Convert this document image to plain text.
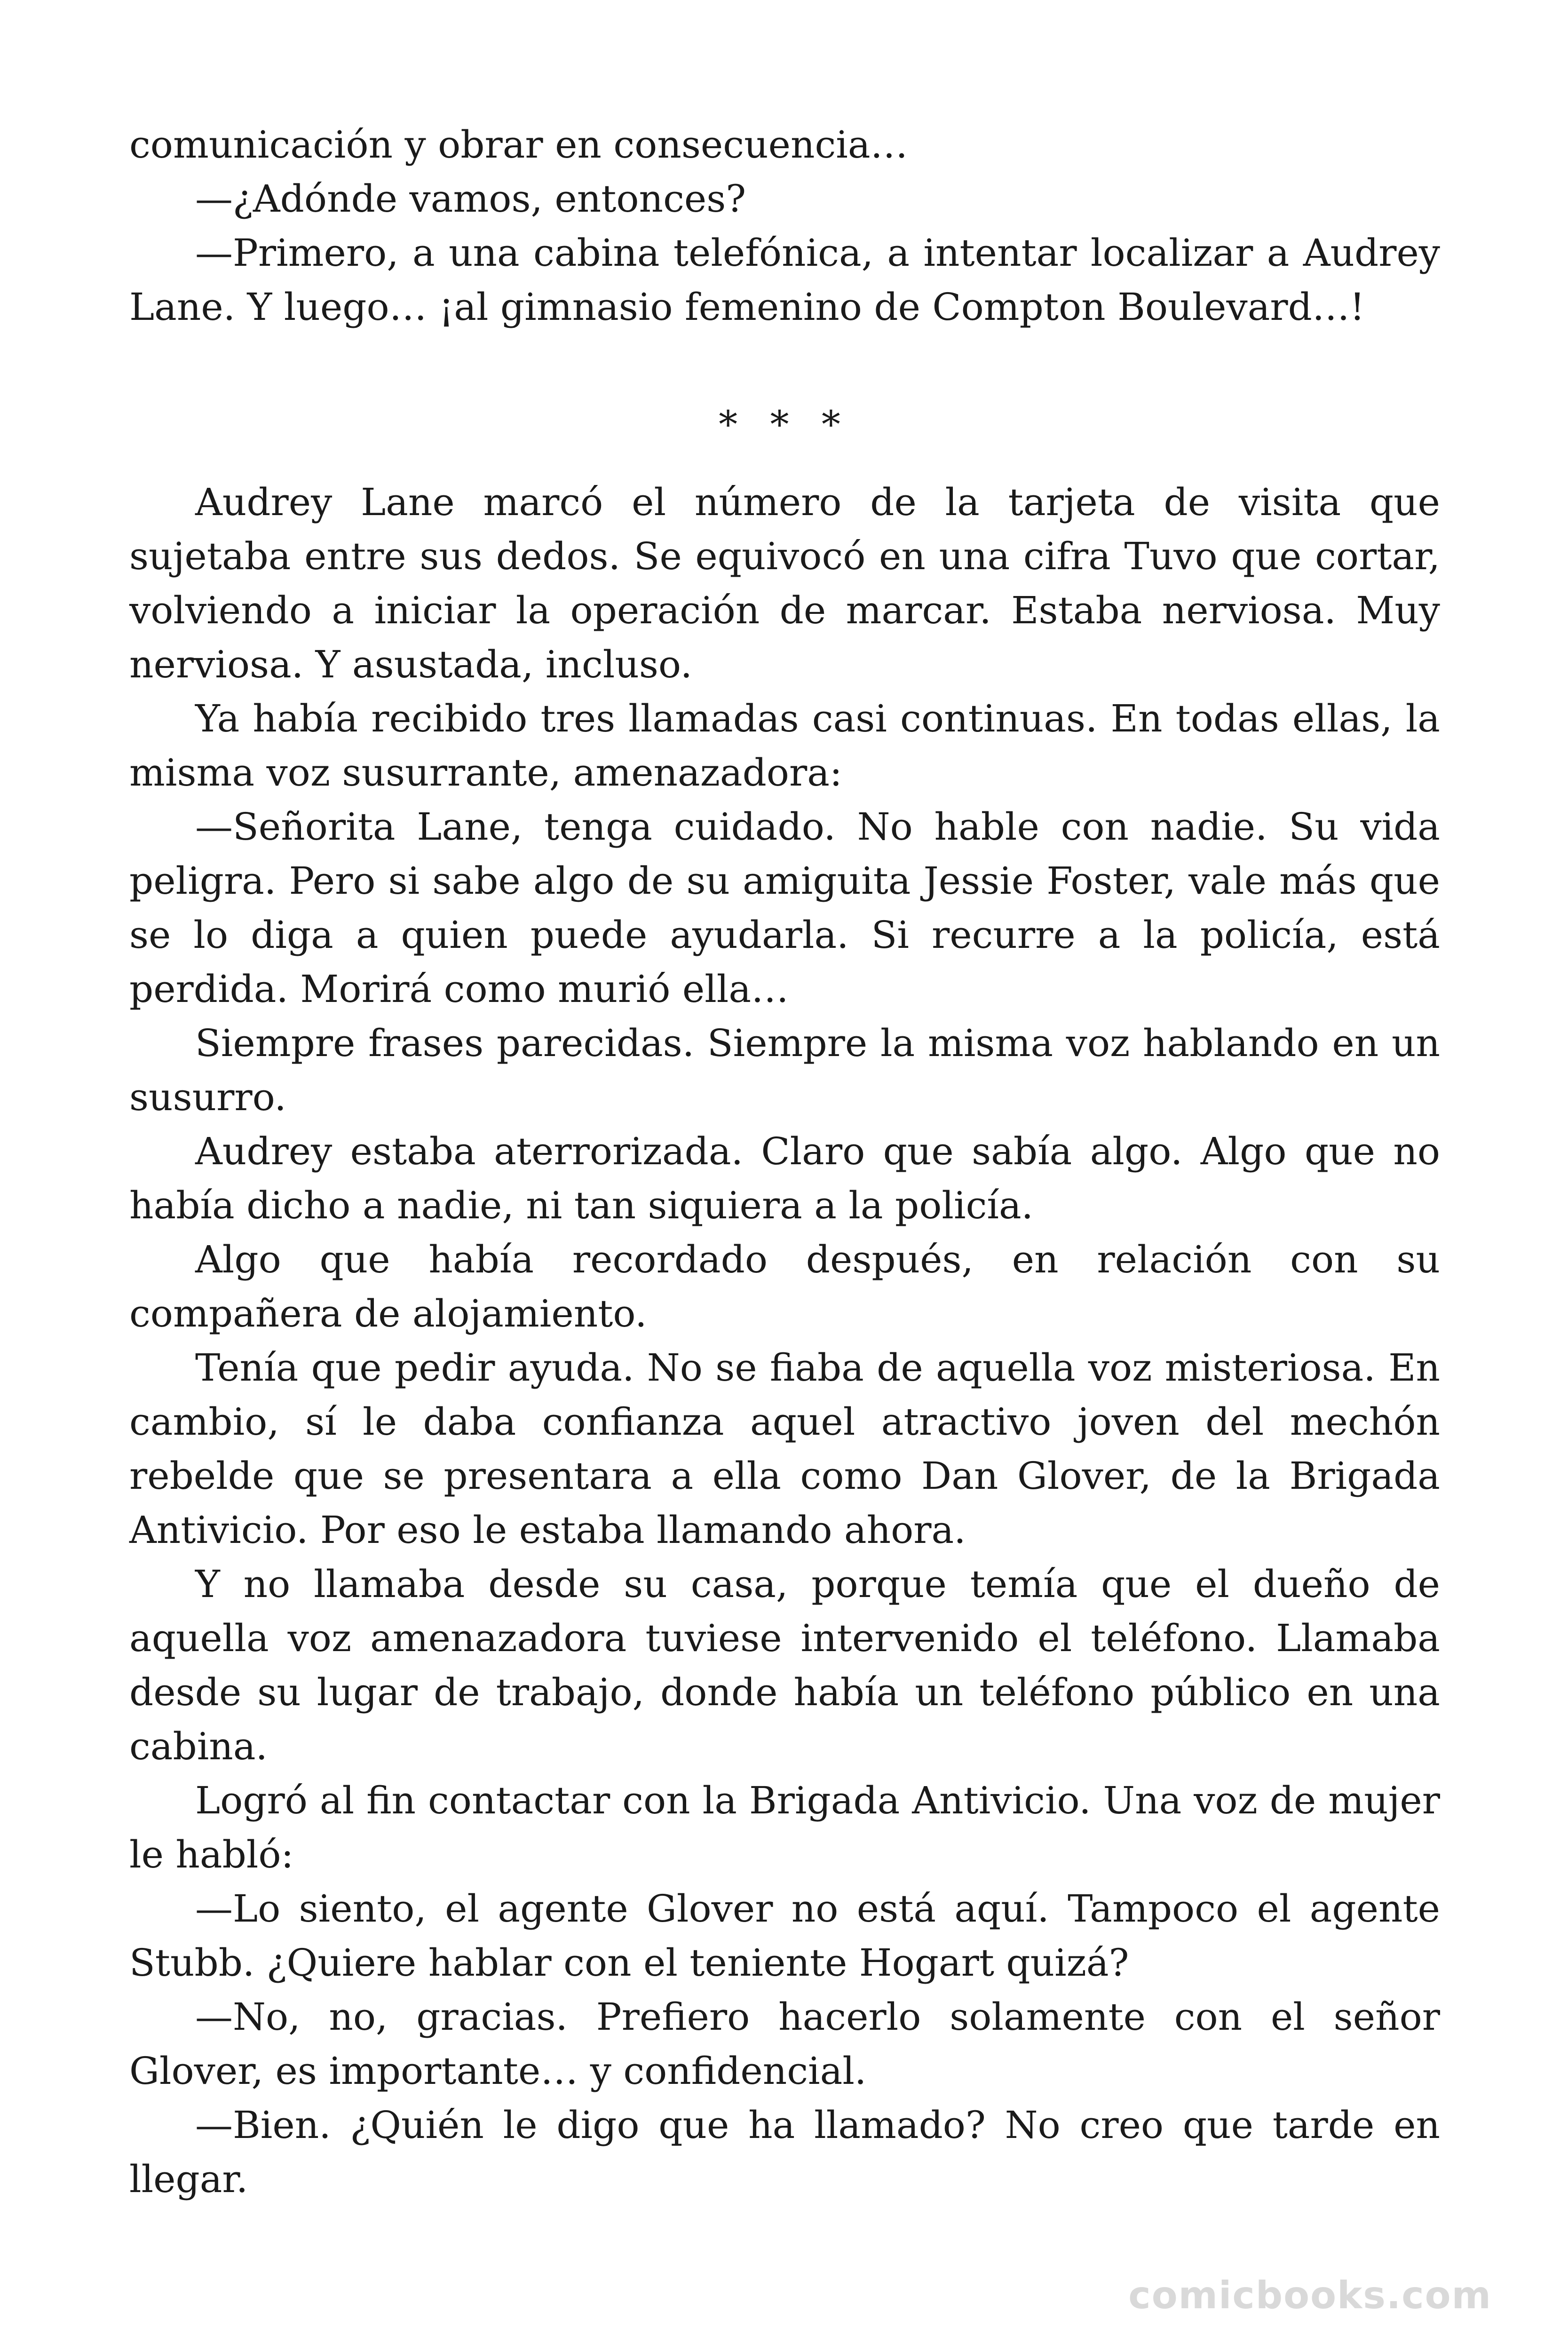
comunicación y obrar en consecuencia…

—¿Adónde vamos, entonces?

—Primero, a una cabina telefónica, a intentar localizar a Audrey Lane. Y luego… ¡al gimnasio femenino de Compton Boulevard…!

* * *

Audrey Lane marcó el número de la tarjeta de visita que sujetaba entre sus dedos. Se equivocó en una cifra Tuvo que cortar, volviendo a iniciar la operación de marcar. Estaba nerviosa. Muy nerviosa. Y asustada, incluso.

Ya había recibido tres llamadas casi continuas. En todas ellas, la misma voz susurrante, amenazadora:

—Señorita Lane, tenga cuidado. No hable con nadie. Su vida peligra. Pero si sabe algo de su amiguita Jessie Foster, vale más que se lo diga a quien puede ayudarla. Si recurre a la policía, está perdida. Morirá como murió ella…

Siempre frases parecidas. Siempre la misma voz hablando en un susurro.

Audrey estaba aterrorizada. Claro que sabía algo. Algo que no había dicho a nadie, ni tan siquiera a la policía.

Algo que había recordado después, en relación con su compañera de alojamiento.

Tenía que pedir ayuda. No se fiaba de aquella voz misteriosa. En cambio, sí le daba confianza aquel atractivo joven del mechón rebelde que se presentara a ella como Dan Glover, de la Brigada Antivicio. Por eso le estaba llamando ahora.

Y no llamaba desde su casa, porque temía que el dueño de aquella voz amenazadora tuviese intervenido el teléfono. Llamaba desde su lugar de trabajo, donde había un teléfono público en una cabina.

Logró al fin contactar con la Brigada Antivicio. Una voz de mujer le habló:

—Lo siento, el agente Glover no está aquí. Tampoco el agente Stubb. ¿Quiere hablar con el teniente Hogart quizá?

—No, no, gracias. Prefiero hacerlo solamente con el señor Glover, es importante… y confidencial.

—Bien. ¿Quién le digo que ha llamado? No creo que tarde en llegar.

comicbooks.com
